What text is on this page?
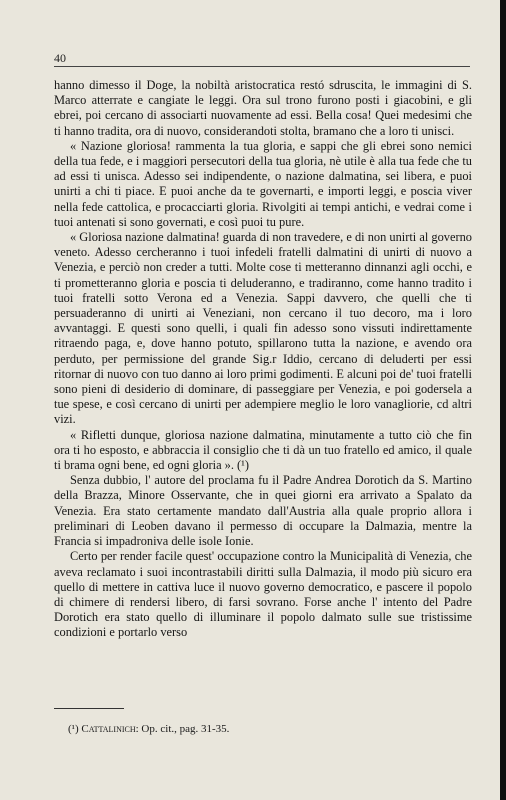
40

hanno dimesso il Doge, la nobiltà aristocratica restó sdruscita, le immagini di S. Marco atterrate e cangiate le leggi. Ora sul trono furono posti i giacobini, e gli ebrei, poi cercano di associarti nuovamente ad essi. Bella cosa! Quei medesimi che ti hanno tradita, ora di nuovo, considerandoti stolta, bramano che a loro ti unisci.

« Nazione gloriosa! rammenta la tua gloria, e sappi che gli ebrei sono nemici della tua fede, e i maggiori persecutori della tua gloria, nè utile è alla tua fede che tu ad essi ti unisca. Adesso sei indipendente, o nazione dalmatina, sei libera, e puoi unirti a chi ti piace. E puoi anche da te governarti, e importi leggi, e poscia viver nella fede cattolica, e procacciarti gloria. Rivolgiti ai tempi antichi, e vedrai come i tuoi antenati si sono governati, e così puoi tu pure.

« Gloriosa nazione dalmatina! guarda di non travedere, e di non unirti al governo veneto. Adesso cercheranno i tuoi infedeli fratelli dalmatini di unirti di nuovo a Venezia, e perciò non creder a tutti. Molte cose ti metteranno dinnanzi agli occhi, e ti prometteranno gloria e poscia ti deluderanno, e tradiranno, come hanno tradito i tuoi fratelli sotto Verona ed a Venezia. Sappi davvero, che quelli che ti persuaderanno di unirti ai Veneziani, non cercano il tuo decoro, ma i loro avvantaggi. E questi sono quelli, i quali fin adesso sono vissuti indirettamente ritraendo paga, e, dove hanno potuto, spillarono tutta la nazione, e avendo ora perduto, per permissione del grande Sig.r Iddio, cercano di deluderti per essi ritornar di nuovo con tuo danno ai loro primi godimenti. E alcuni poi de' tuoi fratelli sono pieni di desiderio di dominare, di passeggiare per Venezia, e poi godersela a tue spese, e così cercano di unirti per adempiere meglio le loro vanagliorie, cd altri vizi.

« Rifletti dunque, gloriosa nazione dalmatina, minutamente a tutto ciò che fin ora ti ho esposto, e abbraccia il consiglio che ti dà un tuo fratello ed amico, il quale ti brama ogni bene, ed ogni gloria ». (¹)

Senza dubbio, l' autore del proclama fu il Padre Andrea Dorotich da S. Martino della Brazza, Minore Osservante, che in quei giorni era arrivato a Spalato da Venezia. Era stato certamente mandato dall'Austria alla quale proprio allora i preliminari di Leoben davano il permesso di occupare la Dalmazia, mentre la Francia si impadroniva delle isole Ionie.

Certo per render facile quest' occupazione contro la Municipalità di Venezia, che aveva reclamato i suoi incontrastabili diritti sulla Dalmazia, il modo più sicuro era quello di mettere in cattiva luce il nuovo governo democratico, e pascere il popolo di chimere di rendersi libero, di farsi sovrano. Forse anche l' intento del Padre Dorotich era stato quello di illuminare il popolo dalmato sulle sue tristissime condizioni e portarlo verso

(¹) Cattalinich: Op. cit., pag. 31-35.
